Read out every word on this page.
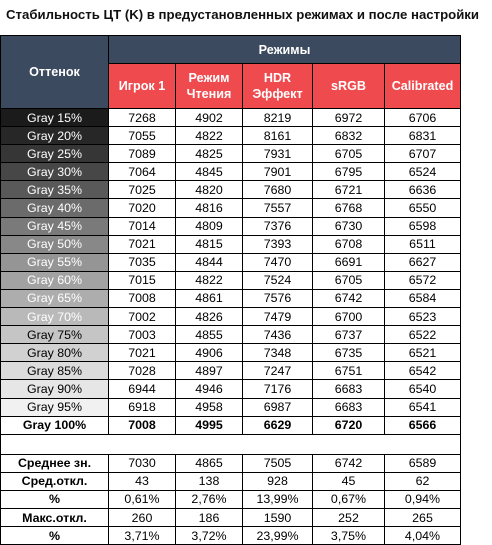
Стабильность ЦТ (K) в предустановленных режимах и после настройки
Оттенок	Режимы				
	Игрок 1	Режим Чтения	HDR Эффект	sRGB	Calibrated
Gray 15%	7268	4902	8219	6972	6706
Gray 20%	7055	4822	8161	6832	6831
Gray 25%	7089	4825	7931	6705	6707
Gray 30%	7064	4845	7901	6795	6524
Gray 35%	7025	4820	7680	6721	6636
Gray 40%	7020	4816	7557	6768	6550
Gray 45%	7014	4809	7376	6730	6598
Gray 50%	7021	4815	7393	6708	6511
Gray 55%	7035	4844	7470	6691	6627
Gray 60%	7015	4822	7524	6705	6572
Gray 65%	7008	4861	7576	6742	6584
Gray 70%	7002	4826	7479	6700	6523
Gray 75%	7003	4855	7436	6737	6522
Gray 80%	7021	4906	7348	6735	6521
Gray 85%	7028	4897	7247	6751	6542
Gray 90%	6944	4946	7176	6683	6540
Gray 95%	6918	4958	6987	6683	6541
Gray 100%	7008	4995	6629	6720	6566

Среднее зн.	7030	4865	7505	6742	6589
Сред.откл.	43	138	928	45	62
%	0,61%	2,76%	13,99%	0,67%	0,94%
Макс.откл.	260	186	1590	252	265
%	3,71%	3,72%	23,99%	3,75%	4,04%
